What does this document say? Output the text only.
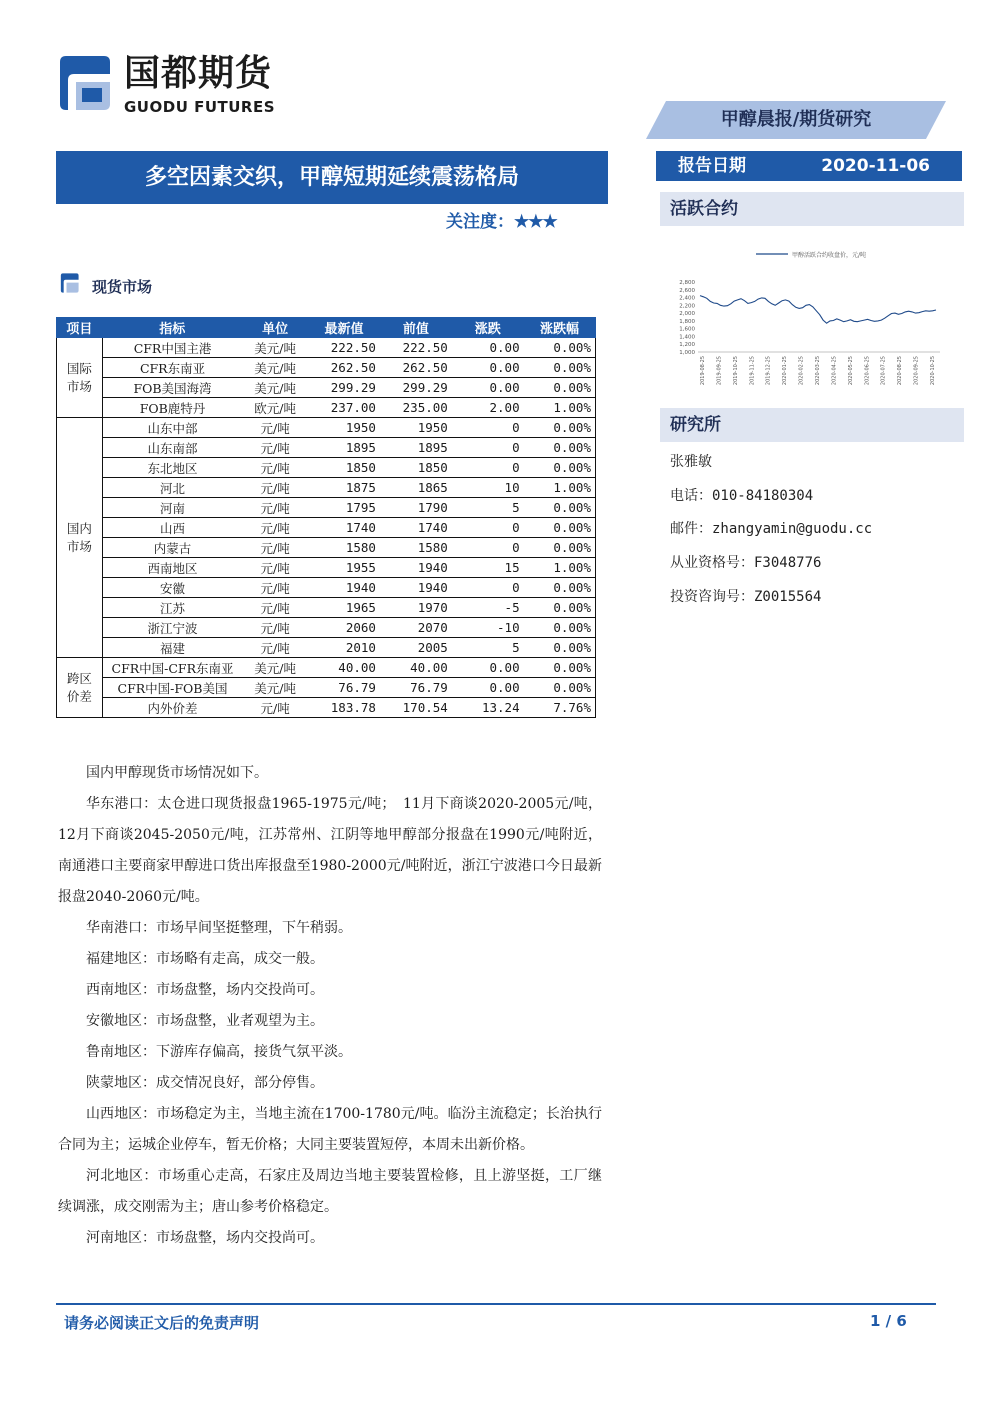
国都期货
GUODU FUTURES
甲醇晨报/期货研究
报告日期	2020-11-06
活跃合约
甲醇活跃合约收盘价，元/吨
2,800
2,600
2,400
2,200
2,000
1,800
1,600
1,400
1,200
1,000
2019-08-25 2019-09-25 2019-10-25 2019-11-25 2019-12-25 2020-01-25 2020-02-25 2020-03-25 2020-04-25 2020-05-25 2020-06-25 2020-07-25 2020-08-25 2020-09-25 2020-10-25
研究所
张雅敏
电话：010-84180304
邮件：zhangyamin@guodu.cc
从业资格号：F3048776
投资咨询号：Z0015564
多空因素交织，甲醇短期延续震荡格局
关注度：★★★
现货市场
项目	指标	单位	最新值	前值	涨跌	涨跌幅
国际
市场	CFR中国主港	美元/吨	222.50	222.50	0.00	0.00%
	CFR东南亚	美元/吨	262.50	262.50	0.00	0.00%
	FOB美国海湾	美元/吨	299.29	299.29	0.00	0.00%
	FOB鹿特丹	欧元/吨	237.00	235.00	2.00	1.00%
国内
市场	山东中部	元/吨	1950	1950	0	0.00%
	山东南部	元/吨	1895	1895	0	0.00%
	东北地区	元/吨	1850	1850	0	0.00%
	河北	元/吨	1875	1865	10	1.00%
	河南	元/吨	1795	1790	5	0.00%
	山西	元/吨	1740	1740	0	0.00%
	内蒙古	元/吨	1580	1580	0	0.00%
	西南地区	元/吨	1955	1940	15	1.00%
	安徽	元/吨	1940	1940	0	0.00%
	江苏	元/吨	1965	1970	-5	0.00%
	浙江宁波	元/吨	2060	2070	-10	0.00%
	福建	元/吨	2010	2005	5	0.00%
跨区
价差	CFR中国-CFR东南亚	美元/吨	40.00	40.00	0.00	0.00%
	CFR中国-FOB美国	美元/吨	76.79	76.79	0.00	0.00%
	内外价差	元/吨	183.78	170.54	13.24	7.76%

国内甲醇现货市场情况如下。

华东港口：太仓进口现货报盘1965-1975元/吨；　11月下商谈2020-2005元/吨，12月下商谈2045-2050元/吨，江苏常州、江阴等地甲醇部分报盘在1990元/吨附近，南通港口主要商家甲醇进口货出库报盘至1980-2000元/吨附近，浙江宁波港口今日最新报盘2040-2060元/吨。

华南港口：市场早间坚挺整理，下午稍弱。

福建地区：市场略有走高，成交一般。

西南地区：市场盘整，场内交投尚可。

安徽地区：市场盘整，业者观望为主。

鲁南地区：下游库存偏高，接货气氛平淡。

陕蒙地区：成交情况良好，部分停售。

山西地区：市场稳定为主，当地主流在1700-1780元/吨。临汾主流稳定；长治执行合同为主；运城企业停车，暂无价格；大同主要装置短停，本周未出新价格。

河北地区：市场重心走高，石家庄及周边当地主要装置检修，且上游坚挺，工厂继续调涨，成交刚需为主；唐山参考价格稳定。

河南地区：市场盘整，场内交投尚可。

请务必阅读正文后的免责声明	1 / 6
